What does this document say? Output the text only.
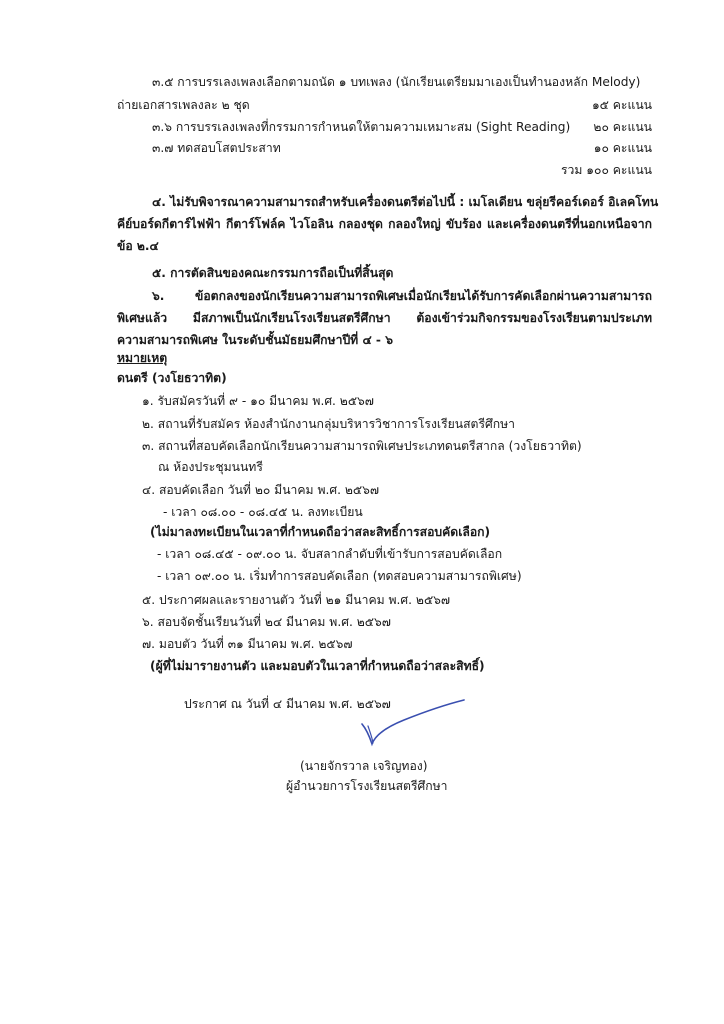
๓.๕ การบรรเลงเพลงเลือกตามถนัด ๑ บทเพลง (นักเรียนเตรียมมาเองเป็นทำนองหลัก Melody)
ถ่ายเอกสารเพลงละ ๒ ชุด	๑๕ คะแนน
๓.๖ การบรรเลงเพลงที่กรรมการกำหนดให้ตามความเหมาะสม (Sight Reading)	๒๐ คะแนน
๓.๗ ทดสอบโสตประสาท	๑๐ คะแนน
รวม ๑๐๐ คะแนน
๔. ไม่รับพิจารณาความสามารถสำหรับเครื่องดนตรีต่อไปนี้ : เมโลเดียน ขลุ่ยรีคอร์เดอร์ อิเลคโทน
คีย์บอร์ดกีตาร์ไฟฟ้า กีตาร์โฟล์ค ไวโอลิน กลองชุด กลองใหญ่ ขับร้อง และเครื่องดนตรีที่นอกเหนือจาก
ข้อ ๒.๔
๕. การตัดสินของคณะกรรมการถือเป็นที่สิ้นสุด
๖. ข้อตกลงของนักเรียนความสามารถพิเศษเมื่อนักเรียนได้รับการคัดเลือกผ่านความสามารถ
พิเศษแล้ว มีสภาพเป็นนักเรียนโรงเรียนสตรีศึกษา ต้องเข้าร่วมกิจกรรมของโรงเรียนตามประเภท
ความสามารถพิเศษ ในระดับชั้นมัธยมศึกษาปีที่ ๔ - ๖
หมายเหตุ
ดนตรี (วงโยธวาทิต)
๑. รับสมัครวันที่ ๙ - ๑๐ มีนาคม พ.ศ. ๒๕๖๗
๒. สถานที่รับสมัคร ห้องสำนักงานกลุ่มบริหารวิชาการโรงเรียนสตรีศึกษา
๓. สถานที่สอบคัดเลือกนักเรียนความสามารถพิเศษประเภทดนตรีสากล (วงโยธวาทิต)
ณ ห้องประชุมนนทรี
๔. สอบคัดเลือก วันที่ ๒๐ มีนาคม พ.ศ. ๒๕๖๗
- เวลา ๐๘.๐๐ - ๐๘.๔๕ น. ลงทะเบียน
(ไม่มาลงทะเบียนในเวลาที่กำหนดถือว่าสละสิทธิ์การสอบคัดเลือก)
- เวลา ๐๘.๔๕ - ๐๙.๐๐ น. จับสลากลำดับที่เข้ารับการสอบคัดเลือก
- เวลา ๐๙.๐๐ น. เริ่มทำการสอบคัดเลือก (ทดสอบความสามารถพิเศษ)
๕. ประกาศผลและรายงานตัว วันที่ ๒๑ มีนาคม พ.ศ. ๒๕๖๗
๖. สอบจัดชั้นเรียนวันที่ ๒๔ มีนาคม พ.ศ. ๒๕๖๗
๗. มอบตัว วันที่ ๓๑ มีนาคม พ.ศ. ๒๕๖๗
(ผู้ที่ไม่มารายงานตัว และมอบตัวในเวลาที่กำหนดถือว่าสละสิทธิ์)
ประกาศ ณ วันที่ ๔ มีนาคม พ.ศ. ๒๕๖๗
(นายจักรวาล เจริญทอง)
ผู้อำนวยการโรงเรียนสตรีศึกษา
